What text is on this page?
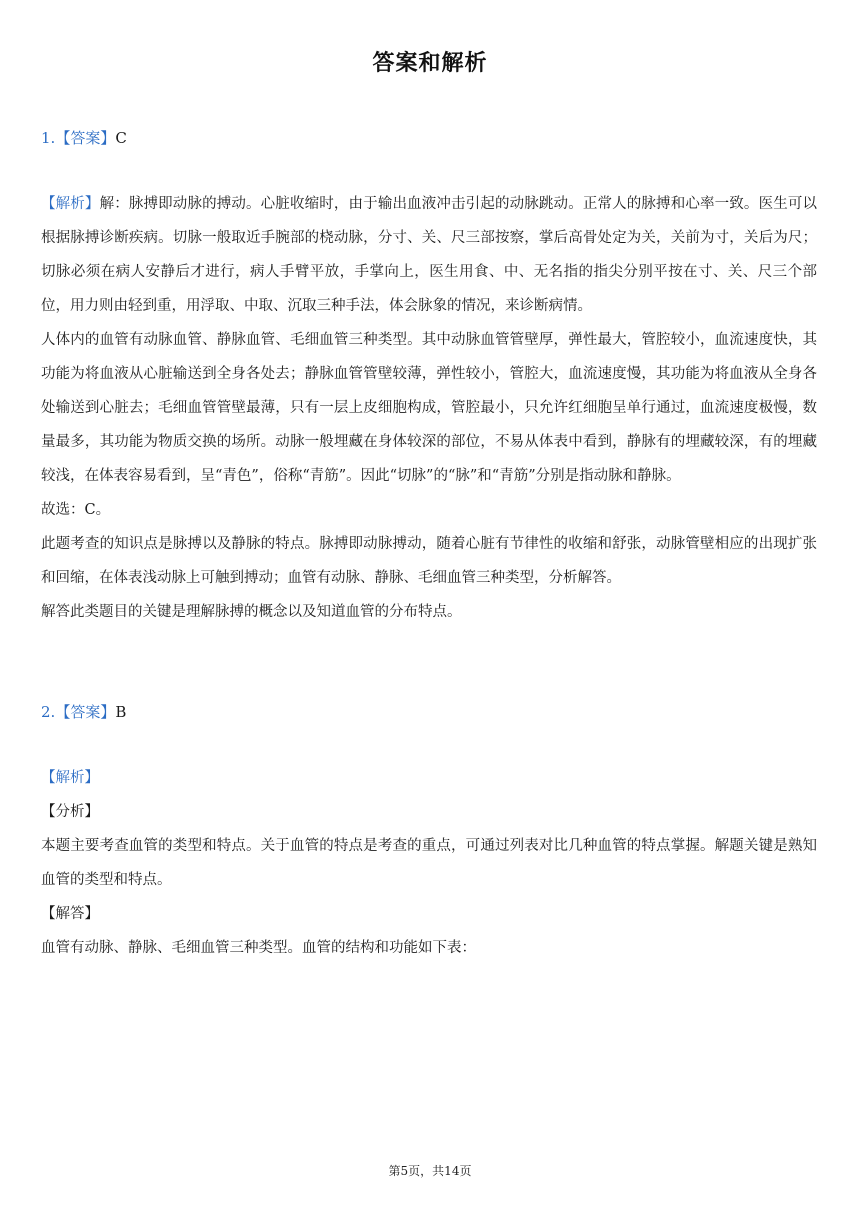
答案和解析
1.【答案】C

【解析】解：脉搏即动脉的搏动。心脏收缩时，由于输出血液冲击引起的动脉跳动。正常人的脉搏和心率一致。医生可以根据脉搏诊断疾病。切脉一般取近手腕部的桡动脉，分寸、关、尺三部按察，掌后高骨处定为关，关前为寸，关后为尺；切脉必须在病人安静后才进行，病人手臂平放，手掌向上，医生用食、中、无名指的指尖分别平按在寸、关、尺三个部位，用力则由轻到重，用浮取、中取、沉取三种手法，体会脉象的情况，来诊断病情。

人体内的血管有动脉血管、静脉血管、毛细血管三种类型。其中动脉血管管壁厚，弹性最大，管腔较小，血流速度快，其功能为将血液从心脏输送到全身各处去；静脉血管管壁较薄，弹性较小，管腔大，血流速度慢，其功能为将血液从全身各处输送到心脏去；毛细血管管壁最薄，只有一层上皮细胞构成，管腔最小，只允许红细胞呈单行通过，血流速度极慢，数量最多，其功能为物质交换的场所。动脉一般埋藏在身体较深的部位，不易从体表中看到，静脉有的埋藏较深，有的埋藏较浅，在体表容易看到，呈“青色”，俗称“青筋”。因此“切脉”的“脉”和“青筋”分别是指动脉和静脉。

故选：C。

此题考查的知识点是脉搏以及静脉的特点。脉搏即动脉搏动，随着心脏有节律性的收缩和舒张，动脉管壁相应的出现扩张和回缩，在体表浅动脉上可触到搏动；血管有动脉、静脉、毛细血管三种类型，分析解答。

解答此类题目的关键是理解脉搏的概念以及知道血管的分布特点。

2.【答案】B

【解析】

【分析】

本题主要考查血管的类型和特点。关于血管的特点是考查的重点，可通过列表对比几种血管的特点掌握。解题关键是熟知血管的类型和特点。

【解答】

血管有动脉、静脉、毛细血管三种类型。血管的结构和功能如下表：

第5页，共14页
